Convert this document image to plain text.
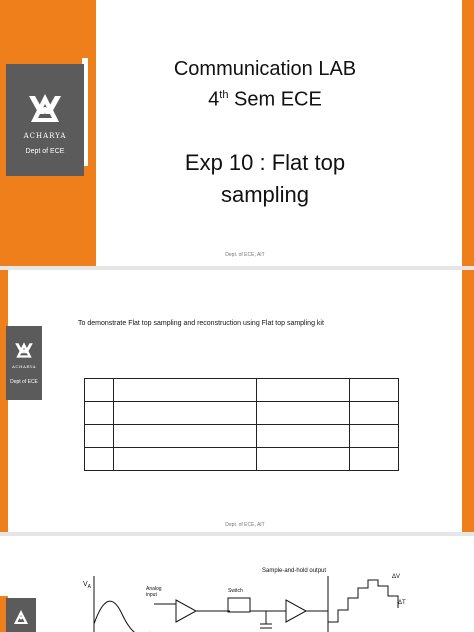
ACHARYA
Dept of ECE
Communication LAB
4th Sem ECE
Exp 10 : Flat top
sampling
Dept. of ECE, AIT
ACHARYA
Dept of ECE
To demonstrate Flat top sampling and reconstruction using Flat top sampling kit

Dept. of ECE, AIT
$V_A$	Analog
input
Switch
Sample-and-hold output
ΔV
ΔT
